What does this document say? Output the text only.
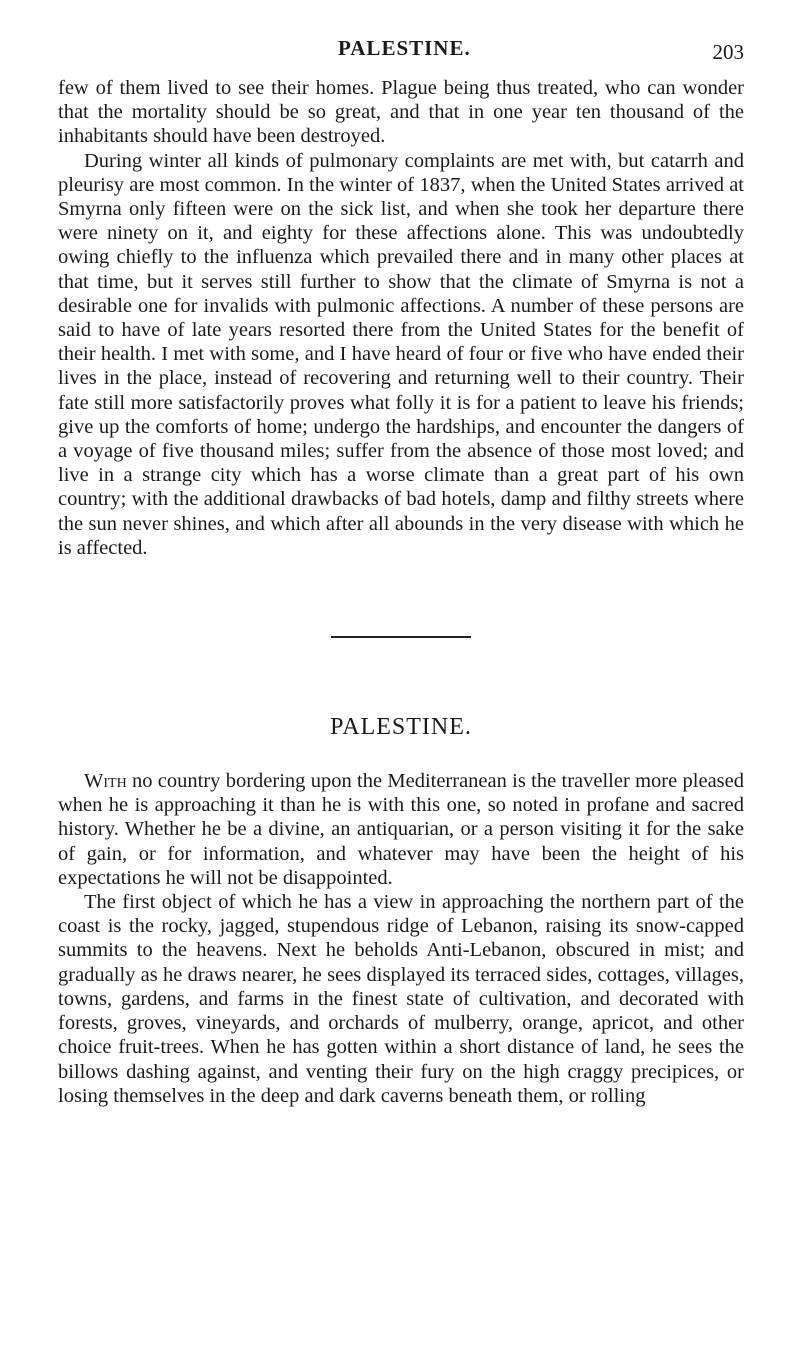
PALESTINE.	203

few of them lived to see their homes. Plague being thus treated, who can wonder that the mortality should be so great, and that in one year ten thousand of the inhabitants should have been destroyed.

During winter all kinds of pulmonary complaints are met with, but catarrh and pleurisy are most common. In the winter of 1837, when the United States arrived at Smyrna only fifteen were on the sick list, and when she took her departure there were ninety on it, and eighty for these affections alone. This was undoubtedly owing chiefly to the influenza which prevailed there and in many other places at that time, but it serves still further to show that the climate of Smyrna is not a desirable one for invalids with pulmonic affections. A number of these persons are said to have of late years resorted there from the United States for the benefit of their health. I met with some, and I have heard of four or five who have ended their lives in the place, instead of recovering and returning well to their country. Their fate still more satisfactorily proves what folly it is for a patient to leave his friends; give up the comforts of home; undergo the hardships, and encounter the dangers of a voyage of five thousand miles; suffer from the absence of those most loved; and live in a strange city which has a worse climate than a great part of his own country; with the additional drawbacks of bad hotels, damp and filthy streets where the sun never shines, and which after all abounds in the very disease with which he is affected.

PALESTINE.

With no country bordering upon the Mediterranean is the traveller more pleased when he is approaching it than he is with this one, so noted in profane and sacred history. Whether he be a divine, an antiquarian, or a person visiting it for the sake of gain, or for information, and whatever may have been the height of his expectations he will not be disappointed.

The first object of which he has a view in approaching the northern part of the coast is the rocky, jagged, stupendous ridge of Lebanon, raising its snow-capped summits to the heavens. Next he beholds Anti-Lebanon, obscured in mist; and gradually as he draws nearer, he sees displayed its terraced sides, cottages, villages, towns, gardens, and farms in the finest state of cultivation, and decorated with forests, groves, vineyards, and orchards of mulberry, orange, apricot, and other choice fruit-trees. When he has gotten within a short distance of land, he sees the billows dashing against, and venting their fury on the high craggy precipices, or losing themselves in the deep and dark caverns beneath them, or rolling
